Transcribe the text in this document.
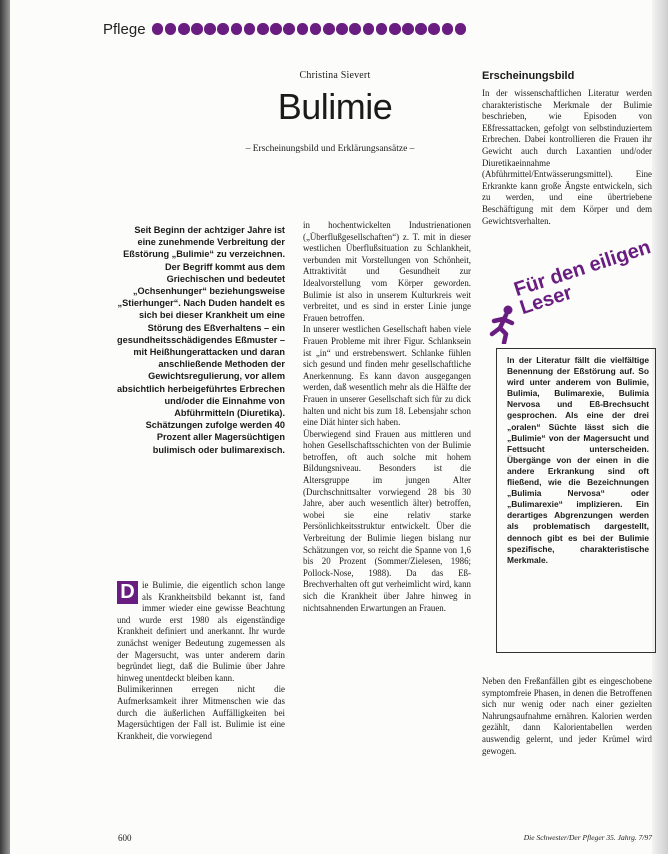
Pflege
Christina Sievert
Bulimie
– Erscheinungsbild und Erklärungsansätze –
Seit Beginn der achtziger Jahre ist eine zunehmende Verbreitung der Eßstörung „Bulimie“ zu verzeichnen. Der Begriff kommt aus dem Griechischen und bedeutet „Ochsenhunger“ beziehungsweise „Stierhunger“. Nach Duden handelt es sich bei dieser Krankheit um eine Störung des Eßverhaltens – ein gesundheitsschädigendes Eßmuster – mit Heißhungerattacken und daran anschließende Methoden der Gewichtsregulierung, vor allem absichtlich herbeigeführtes Erbrechen und/oder die Einnahme von Abführmitteln (Diuretika). Schätzungen zufolge werden 40 Prozent aller Magersüchtigen bulimisch oder bulimarexisch.

D ie Bulimie, die eigentlich schon lange als Krankheitsbild bekannt ist, fand immer wieder eine gewisse Beachtung und wurde erst 1980 als eigenständige Krankheit definiert und anerkannt. Ihr wurde zunächst weniger Bedeutung zugemessen als der Magersucht, was unter anderem darin begründet liegt, daß die Bulimie über Jahre hinweg unentdeckt bleiben kann.

Bulimikerinnen erregen nicht die Aufmerksamkeit ihrer Mitmenschen wie das durch die äußerlichen Auffälligkeiten bei Magersüchtigen der Fall ist. Bulimie ist eine Krankheit, die vorwiegend

in hochentwickelten Industrienationen („Überflußgesellschaften“) z. T. mit in dieser westlichen Überflußsituation zu Schlankheit, verbunden mit Vorstellungen von Schönheit, Attraktivität und Gesundheit zur Idealvorstellung vom Körper geworden. Bulimie ist also in unserem Kulturkreis weit verbreitet, und es sind in erster Linie junge Frauen betroffen.

In unserer westlichen Gesellschaft haben viele Frauen Probleme mit ihrer Figur. Schlanksein ist „in“ und erstrebenswert. Schlanke fühlen sich gesund und finden mehr gesellschaftliche Anerkennung. Es kann davon ausgegangen werden, daß wesentlich mehr als die Hälfte der Frauen in unserer Gesellschaft sich für zu dick halten und nicht bis zum 18. Lebensjahr schon eine Diät hinter sich haben.

Überwiegend sind Frauen aus mittleren und hohen Gesellschaftsschichten von der Bulimie betroffen, oft auch solche mit hohem Bildungsniveau. Besonders ist die Altersgruppe im jungen Alter (Durchschnittsalter vorwiegend 28 bis 30 Jahre, aber auch wesentlich älter) betroffen, wobei sie eine relativ starke Persönlichkeitsstruktur entwickelt. Über die Verbreitung der Bulimie liegen bislang nur Schätzungen vor, so reicht die Spanne von 1,6 bis 20 Prozent (Sommer/Zielesen, 1986; Pollock-Nose, 1988). Da das Eß-Brechverhalten oft gut verheimlicht wird, kann sich die Krankheit über Jahre hinweg in nichtsahnenden Erwartungen an Frauen.

Erscheinungsbild

In der wissenschaftlichen Literatur werden charakteristische Merkmale der Bulimie beschrieben, wie Episoden von Eßfressattacken, gefolgt von selbstinduziertem Erbrechen. Dabei kontrollieren die Frauen ihr Gewicht auch durch Laxantien und/oder Diuretikaeinnahme (Abführmittel/Entwässerungsmittel). Eine Erkrankte kann große Ängste entwickeln, sich zu werden, und eine übertriebene Beschäftigung mit dem Körper und dem Gewichtsverhalten.

Für den eiligen Leser

In der Literatur fällt die vielfältige Benennung der Eßstörung auf. So wird unter anderem von Bulimie, Bulimia, Bulimarexie, Bulimia Nervosa und Eß-Brechsucht gesprochen. Als eine der drei „oralen“ Süchte lässt sich die „Bulimie“ von der Magersucht und Fettsucht unterscheiden. Übergänge von der einen in die andere Erkrankung sind oft fließend, wie die Bezeichnungen „Bulimia Nervosa“ oder „Bulimarexie“ implizieren. Ein derartiges Abgrenzungen werden als problematisch dargestellt, dennoch gibt es bei der Bulimie spezifische, charakteristische Merkmale.

Neben den Freßanfällen gibt es eingeschobene symptomfreie Phasen, in denen die Betroffenen sich nur wenig oder nach einer gezielten Nahrungsaufnahme ernähren. Kalorien werden gezählt, dann Kalorientabellen werden auswendig gelernt, und jeder Krümel wird gewogen.

600	Die Schwester/Der Pfleger 35. Jahrg. 7/97
